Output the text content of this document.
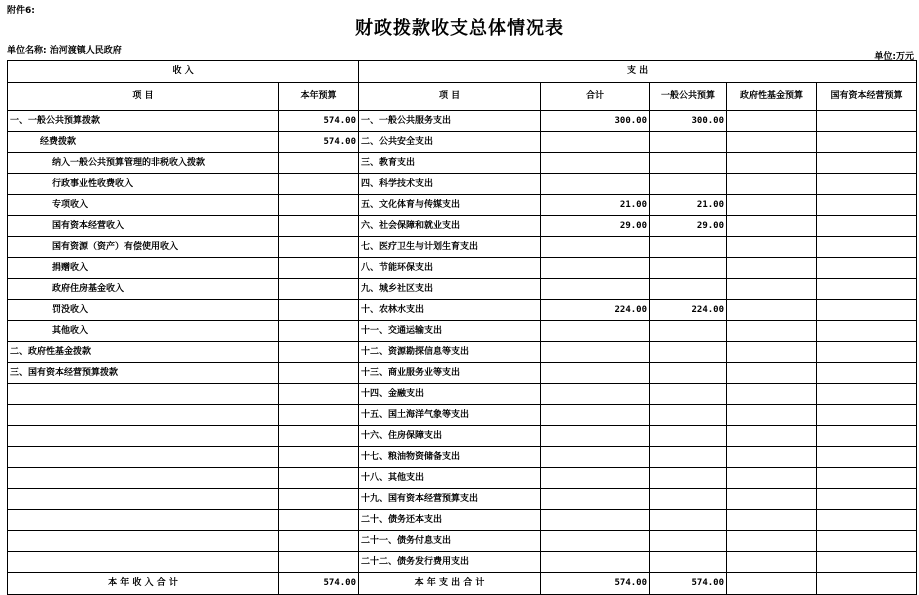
附件6:
财政拨款收支总体情况表
单位名称: 治河渡镇人民政府
单位:万元
收 入		支 出				
项 目	本年预算	项 目	合计	一般公共预算	政府性基金预算	国有资本经营预算
一、一般公共预算拨款	574.00	一、一般公共服务支出	300.00	300.00		
经费拨款	574.00	二、公共安全支出				
纳入一般公共预算管理的非税收入拨款		三、教育支出				
行政事业性收费收入		四、科学技术支出				
专项收入		五、文化体育与传媒支出	21.00	21.00		
国有资本经营收入		六、社会保障和就业支出	29.00	29.00		
国有资源（资产）有偿使用收入		七、医疗卫生与计划生育支出				
捐赠收入		八、节能环保支出				
政府住房基金收入		九、城乡社区支出				
罚没收入		十、农林水支出	224.00	224.00		
其他收入		十一、交通运输支出				
二、政府性基金拨款		十二、资源勘探信息等支出				
三、国有资本经营预算拨款		十三、商业服务业等支出				
		十四、金融支出				
		十五、国土海洋气象等支出				
		十六、住房保障支出				
		十七、粮油物资储备支出				
		十八、其他支出				
		十九、国有资本经营预算支出				
		二十、债务还本支出				
		二十一、债务付息支出				
		二十二、债务发行费用支出				
本 年 收 入 合 计	574.00	本 年 支 出 合 计	574.00	574.00		
